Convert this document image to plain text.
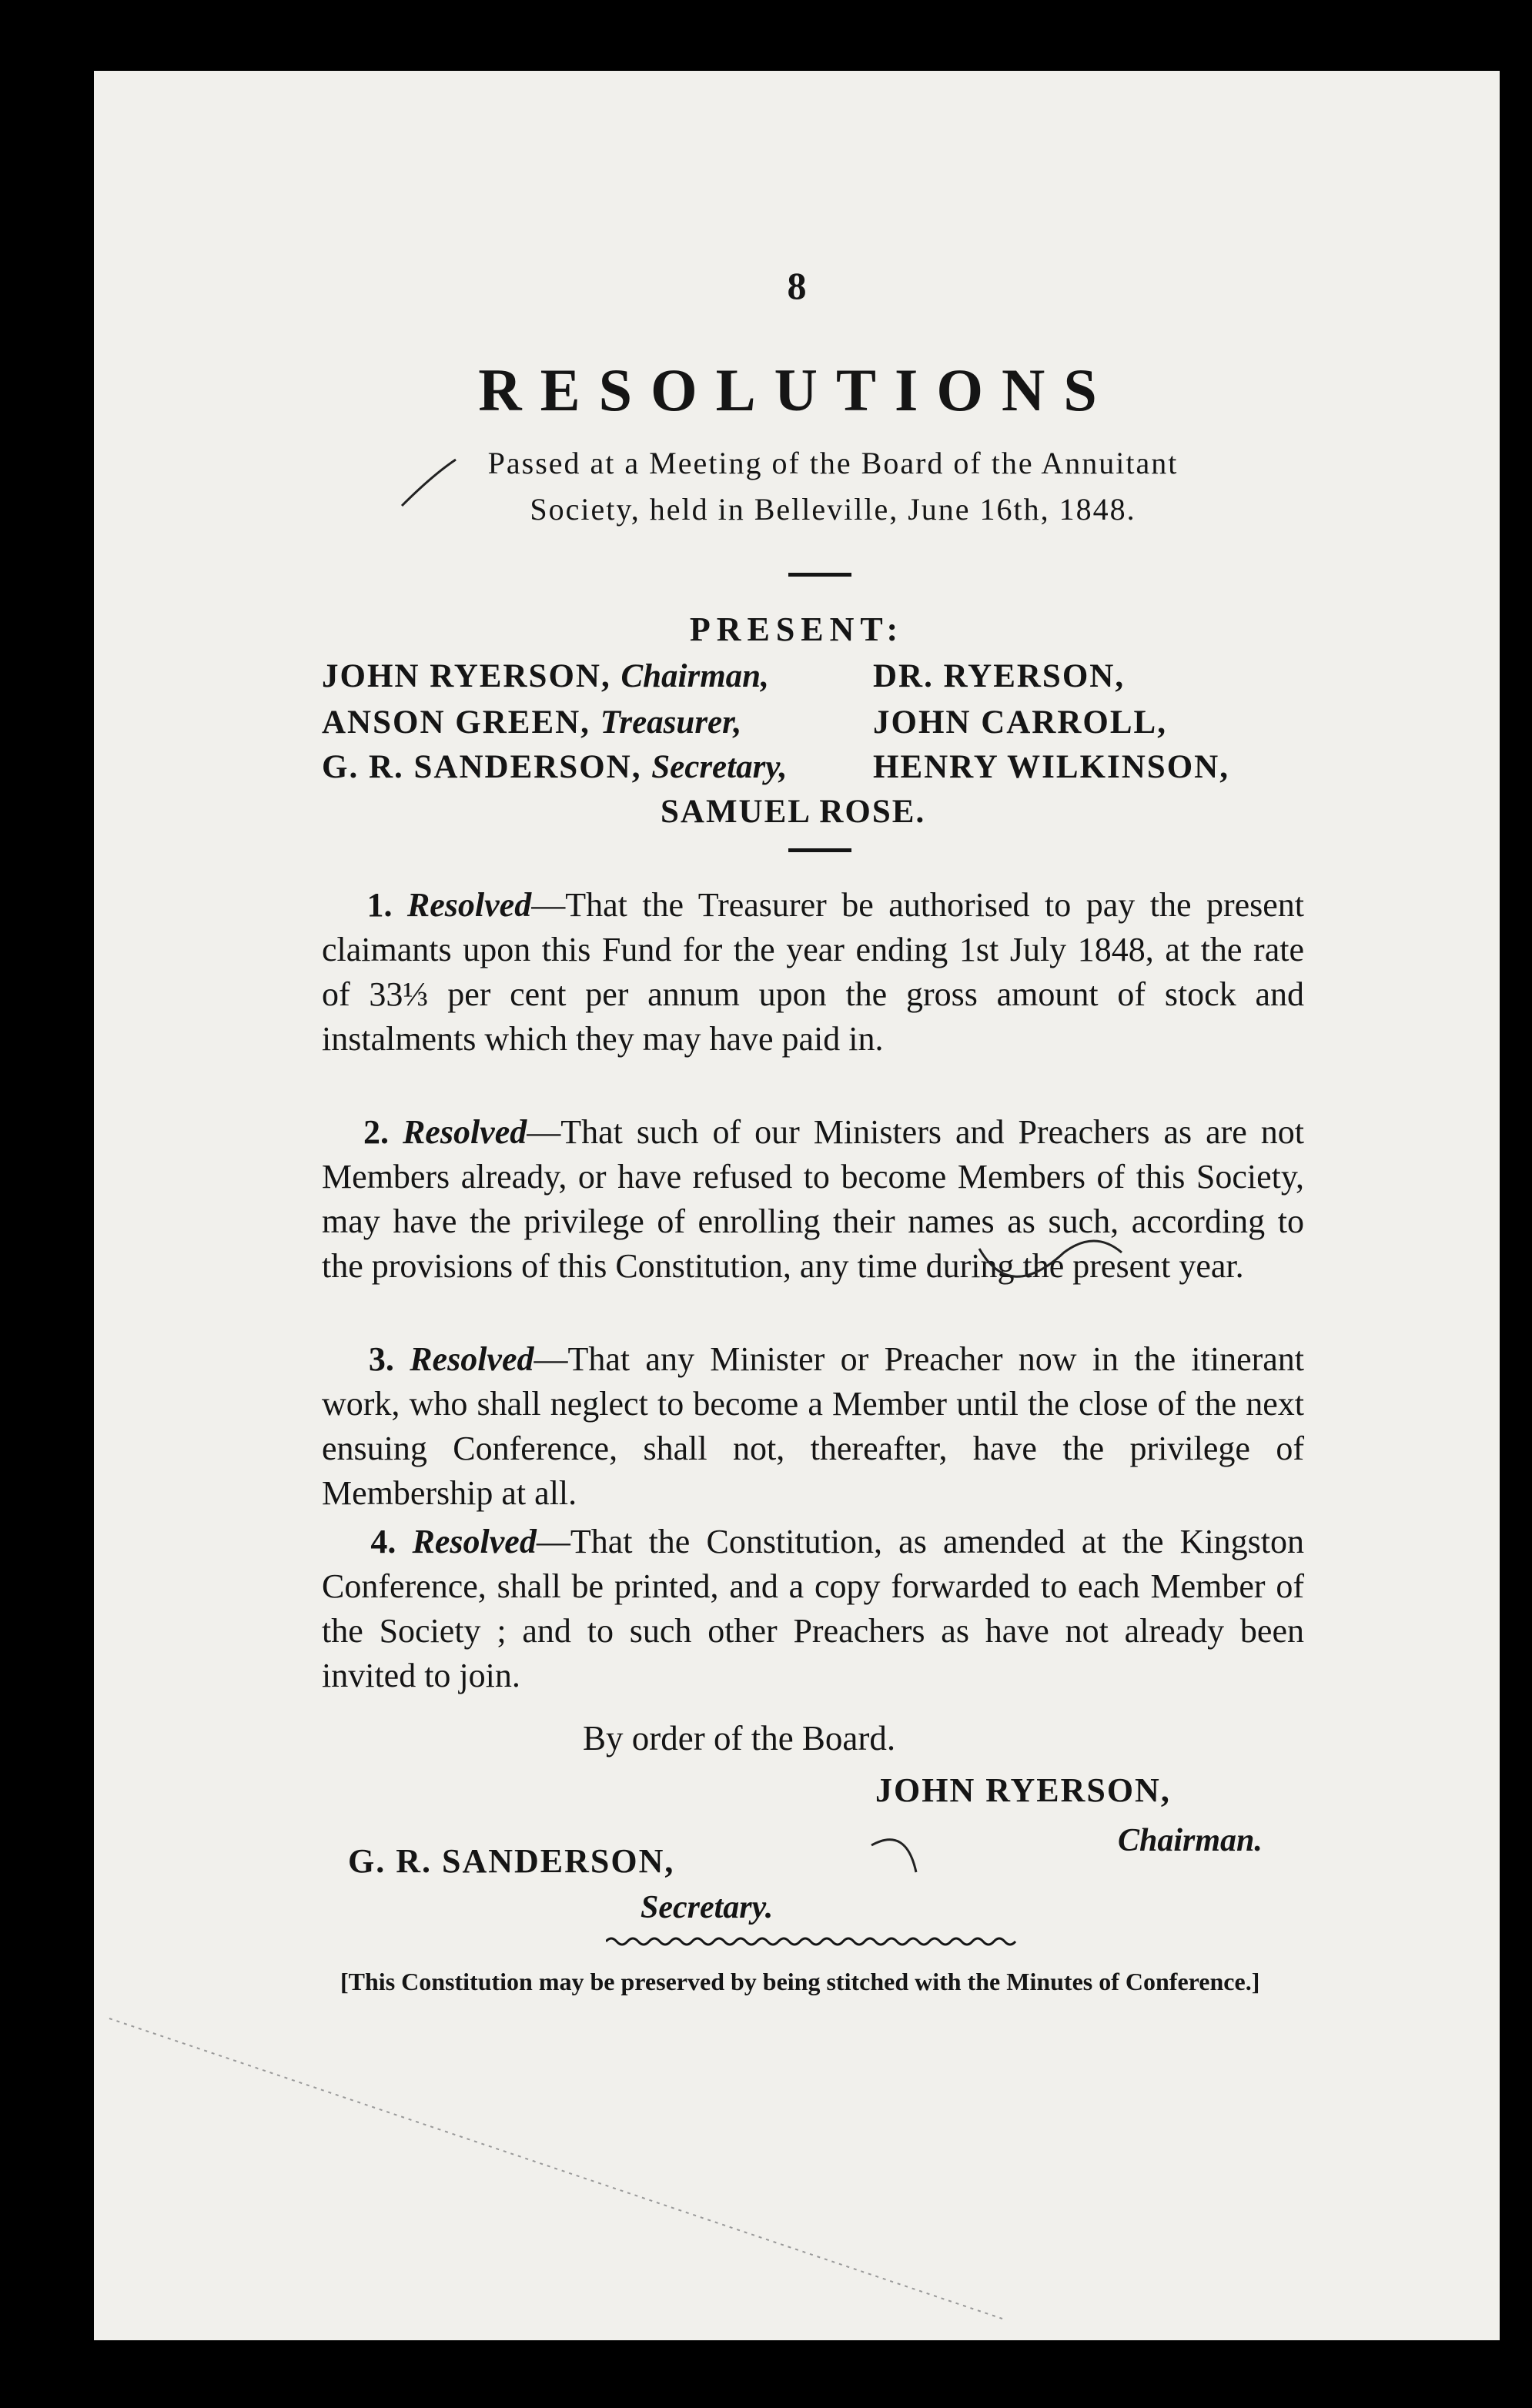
8
RESOLUTIONS
Passed at a Meeting of the Board of the Annuitant
Society, held in Belleville, June 16th, 1848.
PRESENT:
JOHN RYERSON, Chairman,	DR. RYERSON,
ANSON GREEN, Treasurer,	JOHN CARROLL,
G. R. SANDERSON, Secretary,	HENRY WILKINSON,
SAMUEL ROSE.
1. Resolved—That the Treasurer be authorised to pay the present claimants upon this Fund for the year ending 1st July 1848, at the rate of 33⅓ per cent per annum upon the gross amount of stock and instalments which they may have paid in.
2. Resolved—That such of our Ministers and Preachers as are not Members already, or have refused to become Members of this Society, may have the privilege of enrolling their names as such, according to the provisions of this Constitution, any time during the present year.
3. Resolved—That any Minister or Preacher now in the itinerant work, who shall neglect to become a Member until the close of the next ensuing Conference, shall not, thereafter, have the privilege of Membership at all.
4. Resolved—That the Constitution, as amended at the Kingston Conference, shall be printed, and a copy forwarded to each Member of the Society ; and to such other Preachers as have not already been invited to join.
By order of the Board.
JOHN RYERSON,
Chairman.
G. R. SANDERSON,
Secretary.
[This Constitution may be preserved by being stitched with the Minutes of Conference.]
